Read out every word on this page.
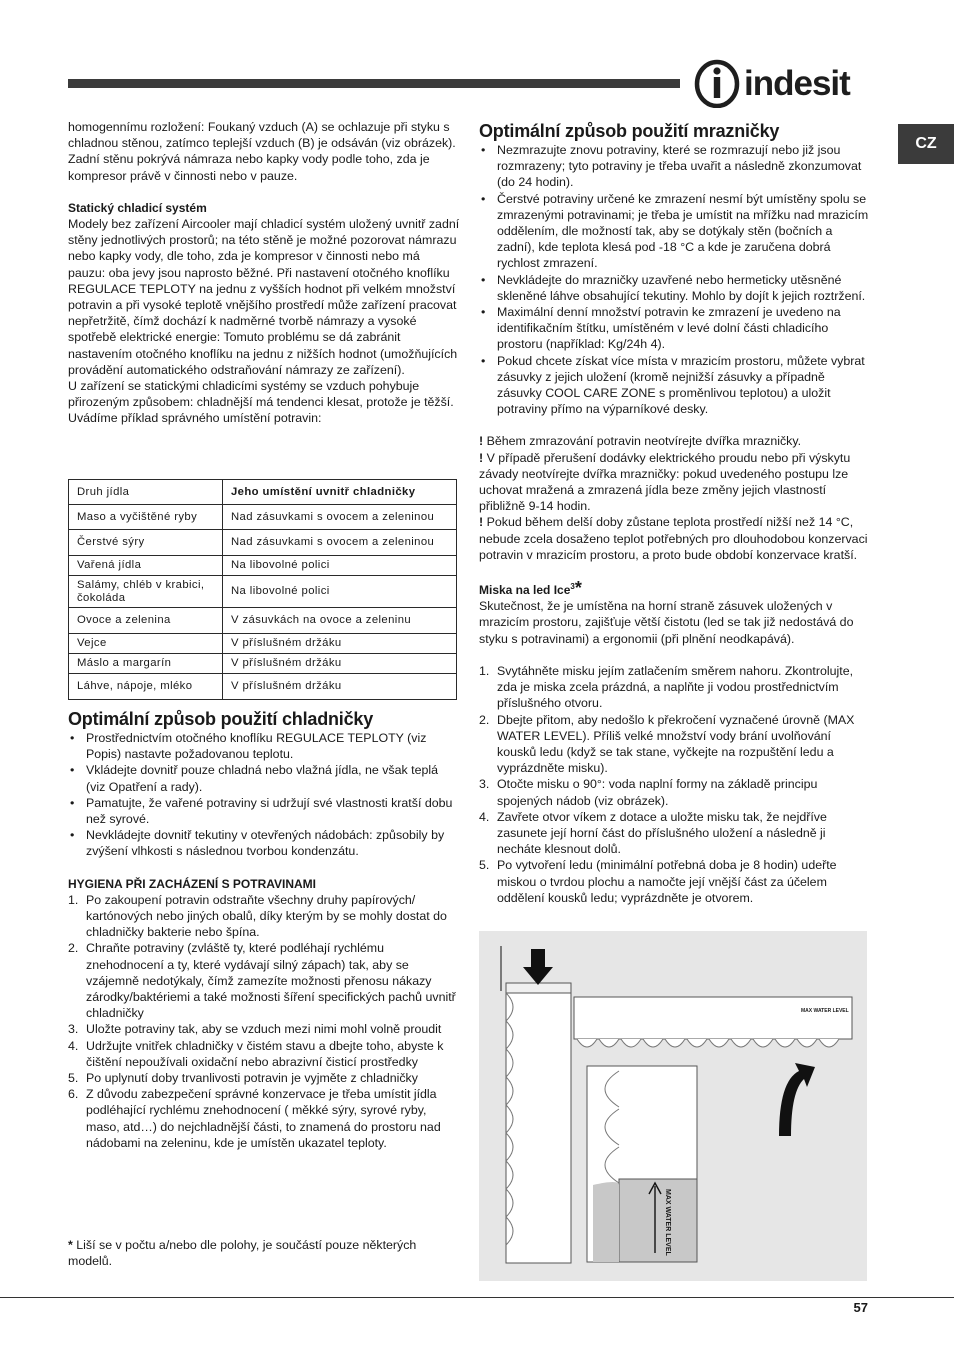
indesit
CZ

homogennímu rozložení: Foukaný vzduch (A) se ochlazuje při styku s chladnou stěnou, zatímco teplejší vzduch (B) je odsáván (viz obrázek).

Zadní stěnu pokrývá námraza nebo kapky vody podle toho, zda je kompresor právě v činnosti nebo v pauze.

Statický chladicí systém

Modely bez zařízení Aircooler mají chladicí systém uložený uvnitř zadní stěny jednotlivých prostorů; na této stěně je možné pozorovat námrazu nebo kapky vody, dle toho, zda je kompresor v činnosti nebo má pauzu: oba jevy jsou naprosto běžné. Při nastavení otočného knoflíku REGULACE TEPLOTY na jednu z vyšších hodnot při velkém množství potravin a při vysoké teplotě vnějšího prostředí může zařízení pracovat nepřetržitě, čímž dochází k nadměrné tvorbě námrazy a vysoké spotřebě elektrické energie: Tomuto problému se dá zabránit nastavením otočného knoflíku na jednu z nižších hodnot (umožňujících provádění automatického odstraňování námrazy ze zařízení).

U zařízení se statickými chladicími systémy se vzduch pohybuje přirozeným způsobem: chladnější má tendenci klesat, protože je těžší. Uvádíme příklad správného umístění potravin:

Druh jídla	Jeho umístění uvnitř chladničky
Maso a vyčištěné ryby	Nad zásuvkami s ovocem a zeleninou
Čerstvé sýry	Nad zásuvkami s ovocem a zeleninou
Vařená jídla	Na libovolné polici
Salámy, chléb v krabici, čokoláda	Na libovolné polici
Ovoce a zelenina	V zásuvkách na ovoce a zeleninu
Vejce	V příslušném držáku
Máslo a margarín	V příslušném držáku
Láhve, nápoje, mléko	V příslušném držáku

Optimální způsob použití chladničky

• Prostřednictvím otočného knoflíku REGULACE TEPLOTY (viz Popis) nastavte požadovanou teplotu.
• Vkládejte dovnitř pouze chladná nebo vlažná jídla, ne však teplá (viz Opatření a rady).
• Pamatujte, že vařené potraviny si udržují své vlastnosti kratší dobu než syrové.
• Nevkládejte dovnitř tekutiny v otevřených nádobách: způsobily by zvýšení vlhkosti s následnou tvorbou kondenzátu.

HYGIENA PŘI ZACHÁZENÍ S POTRAVINAMI

1. Po zakoupení potravin odstraňte všechny druhy papírových/ kartónových nebo jiných obalů, díky kterým by se mohly dostat do chladničky bakterie nebo špína.
2. Chraňte potraviny (zvláště ty, které podléhají rychlému znehodnocení a ty, které vydávají silný zápach) tak, aby se vzájemně nedotýkaly, čímž zamezíte možnosti přenosu nákazy zárodky/baktériemi a také možnosti šíření specifických pachů uvnitř chladničky
3. Uložte potraviny tak, aby se vzduch mezi nimi mohl volně proudit
4. Udržujte vnitřek chladničky v čistém stavu a dbejte toho, abyste k čištění nepoužívali oxidační nebo abrazivní čisticí prostředky
5. Po uplynutí doby trvanlivosti potravin je vyjměte z chladničky
6. Z důvodu zabezpečení správné konzervace je třeba umístit jídla podléhající rychlému znehodnocení ( měkké sýry, syrové ryby, maso, atd…) do nejchladnější části, to znamená do prostoru nad nádobami na zeleninu, kde je umístěn ukazatel teploty.

* Liší se v počtu a/nebo dle polohy, je součástí pouze některých modelů.

Optimální způsob použití mrazničky

• Nezmrazujte znovu potraviny, které se rozmrazují nebo již jsou rozmrazeny; tyto potraviny je třeba uvařit a následně zkonzumovat (do 24 hodin).
• Čerstvé potraviny určené ke zmrazení nesmí být umístěny spolu se zmrazenými potravinami; je třeba je umístit na mřížku nad mrazicím oddělením, dle možností tak, aby se dotýkaly stěn (bočních a zadní), kde teplota klesá pod -18 °C a kde je zaručena dobrá rychlost zmrazení.
• Nevkládejte do mrazničky uzavřené nebo hermeticky utěsněné skleněné láhve obsahující tekutiny. Mohlo by dojít k jejich roztržení.
• Maximální denní množství potravin ke zmrazení je uvedeno na identifikačním štítku, umístěném v levé dolní části chladicího prostoru (například: Kg/24h 4).
• Pokud chcete získat více místa v mrazicím prostoru, můžete vybrat zásuvky z jejich uložení (kromě nejnižší zásuvky a případně zásuvky COOL CARE ZONE s proměnlivou teplotou) a uložit potraviny přímo na výparníkové desky.

! Během zmrazování potravin neotvírejte dvířka mrazničky.

! V případě přerušení dodávky elektrického proudu nebo při výskytu závady neotvírejte dvířka mrazničky: pokud uvedeného postupu lze uchovat mražená a zmrazená jídla beze změny jejich vlastností přibližně 9-14 hodin.

! Pokud během delší doby zůstane teplota prostředí nižší než 14 °C, nebude zcela dosaženo teplot potřebných pro dlouhodobou konzervaci potravin v mrazicím prostoru, a proto bude období konzervace kratší.

Miska na led Ice$^3$*

Skutečnost, že je umístěna na horní straně zásuvek uložených v mrazicím prostoru, zajišťuje větší čistotu (led se tak již nedostává do styku s potravinami) a ergonomii (při plnění neodkapává).

1. Svytáhněte misku jejím zatlačením směrem nahoru. Zkontrolujte, zda je miska zcela prázdná, a naplňte ji vodou prostřednictvím příslušného otvoru.
2. Dbejte přitom, aby nedošlo k překročení vyznačené úrovně (MAX WATER LEVEL). Příliš velké množství vody brání uvolňování kousků ledu (když se tak stane, vyčkejte na rozpuštění ledu a vyprázdněte misku).
3. Otočte misku o 90°: voda naplní formy na základě principu spojených nádob (viz obrázek).
4. Zavřete otvor víkem z dotace a uložte misku tak, že nejdříve zasunete její horní část do příslušného uložení a následně ji necháte klesnout dolů.
5. Po vytvoření ledu (minimální potřebná doba je 8 hodin) udeřte miskou o tvrdou plochu a namočte její vnější část za účelem oddělení kousků ledu; vyprázdněte je otvorem.
MAX WATER LEVEL
MAX WATER LEVEL
57
